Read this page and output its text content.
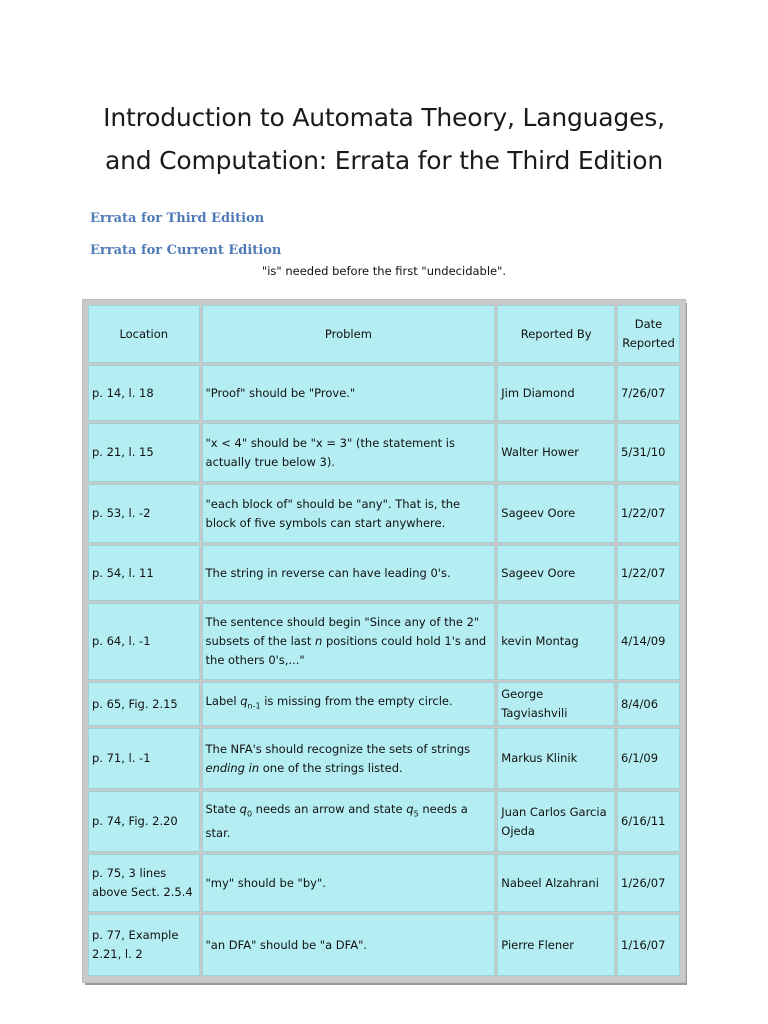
Introduction to Automata Theory, Languages,
and Computation: Errata for the Third Edition
Errata for Third Edition
Errata for Current Edition
"is" needed before the first "undecidable".
Location	Problem	Reported By	Date Reported
p. 14, l. 18	"Proof" should be "Prove."	Jim Diamond	7/26/07
p. 21, l. 15	"x < 4" should be "x = 3" (the statement is actually true below 3).	Walter Hower	5/31/10
p. 53, l. -2	"each block of" should be "any". That is, the block of five symbols can start anywhere.	Sageev Oore	1/22/07
p. 54, l. 11	The string in reverse can have leading 0's.	Sageev Oore	1/22/07
p. 64, l. -1	The sentence should begin "Since any of the 2" subsets of the last n positions could hold 1's and the others 0's,..."	kevin Montag	4/14/09
p. 65, Fig. 2.15	Label $q_{n-1}$ is missing from the empty circle.	George Tagviashvili	8/4/06
p. 71, l. -1	The NFA's should recognize the sets of strings ending in one of the strings listed.	Markus Klinik	6/1/09
p. 74, Fig. 2.20	State $q_0$ needs an arrow and state $q_5$ needs a star.	Juan Carlos Garcia Ojeda	6/16/11
p. 75, 3 lines above Sect. 2.5.4	"my" should be "by".	Nabeel Alzahrani	1/26/07
p. 77, Example 2.21, l. 2	"an DFA" should be "a DFA".	Pierre Flener	1/16/07
